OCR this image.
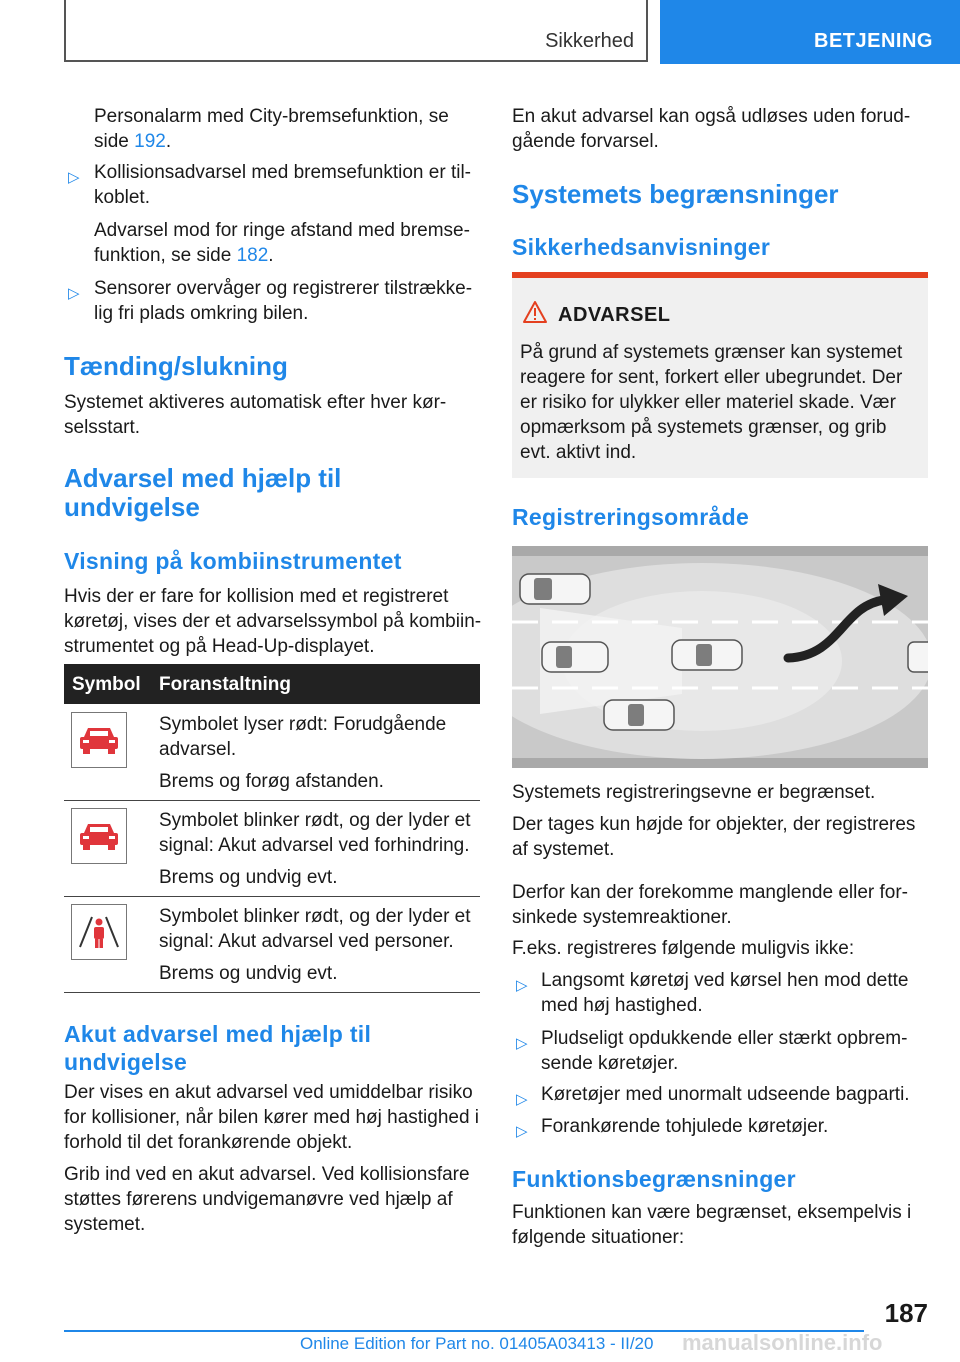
Sikkerhed	BETJENING
Personalarm med City-bremsefunktion, se
side 192.
▷ Kollisionsadvarsel med bremsefunktion er til-
koblet.
Advarsel mod for ringe afstand med bremse-
funktion, se side 182.
▷ Sensorer overvåger og registrerer tilstrække-
lig fri plads omkring bilen.
Tænding/slukning
Systemet aktiveres automatisk efter hver kør-
selsstart.
Advarsel med hjælp til
undvigelse
Visning på kombiinstrumentet
Hvis der er fare for kollision med et registreret
køretøj, vises der et advarselssymbol på kombiin-
strumentet og på Head-Up-displayet.
Symbol Foranstaltning
Symbolet lyser rødt: Forudgående
advarsel.
Brems og forøg afstanden.
Symbolet blinker rødt, og der lyder et
signal: Akut advarsel ved forhindring.
Brems og undvig evt.
Symbolet blinker rødt, og der lyder et
signal: Akut advarsel ved personer.
Brems og undvig evt.
Akut advarsel med hjælp til
undvigelse
Der vises en akut advarsel ved umiddelbar risiko
for kollisioner, når bilen kører med høj hastighed i
forhold til det forankørende objekt.
Grib ind ved en akut advarsel. Ved kollisionsfare
støttes førerens undvigemanøvre ved hjælp af
systemet.
En akut advarsel kan også udløses uden forud-
gående forvarsel.
Systemets begrænsninger
Sikkerhedsanvisninger
ADVARSEL
På grund af systemets grænser kan systemet
reagere for sent, forkert eller ubegrundet. Der
er risiko for ulykker eller materiel skade. Vær
opmærksom på systemets grænser, og grib
evt. aktivt ind.
Registreringsområde
Systemets registreringsevne er begrænset.
Der tages kun højde for objekter, der registreres
af systemet.
Derfor kan der forekomme manglende eller for-
sinkede systemreaktioner.
F.eks. registreres følgende muligvis ikke:
▷ Langsomt køretøj ved kørsel hen mod dette
med høj hastighed.
▷ Pludseligt opdukkende eller stærkt opbrem-
sende køretøjer.
▷ Køretøjer med unormalt udseende bagparti.
▷ Forankørende tohjulede køretøjer.
Funktionsbegrænsninger
Funktionen kan være begrænset, eksempelvis i
følgende situationer:
187
Online Edition for Part no. 01405A03413 - II/20 manualsonline.info
